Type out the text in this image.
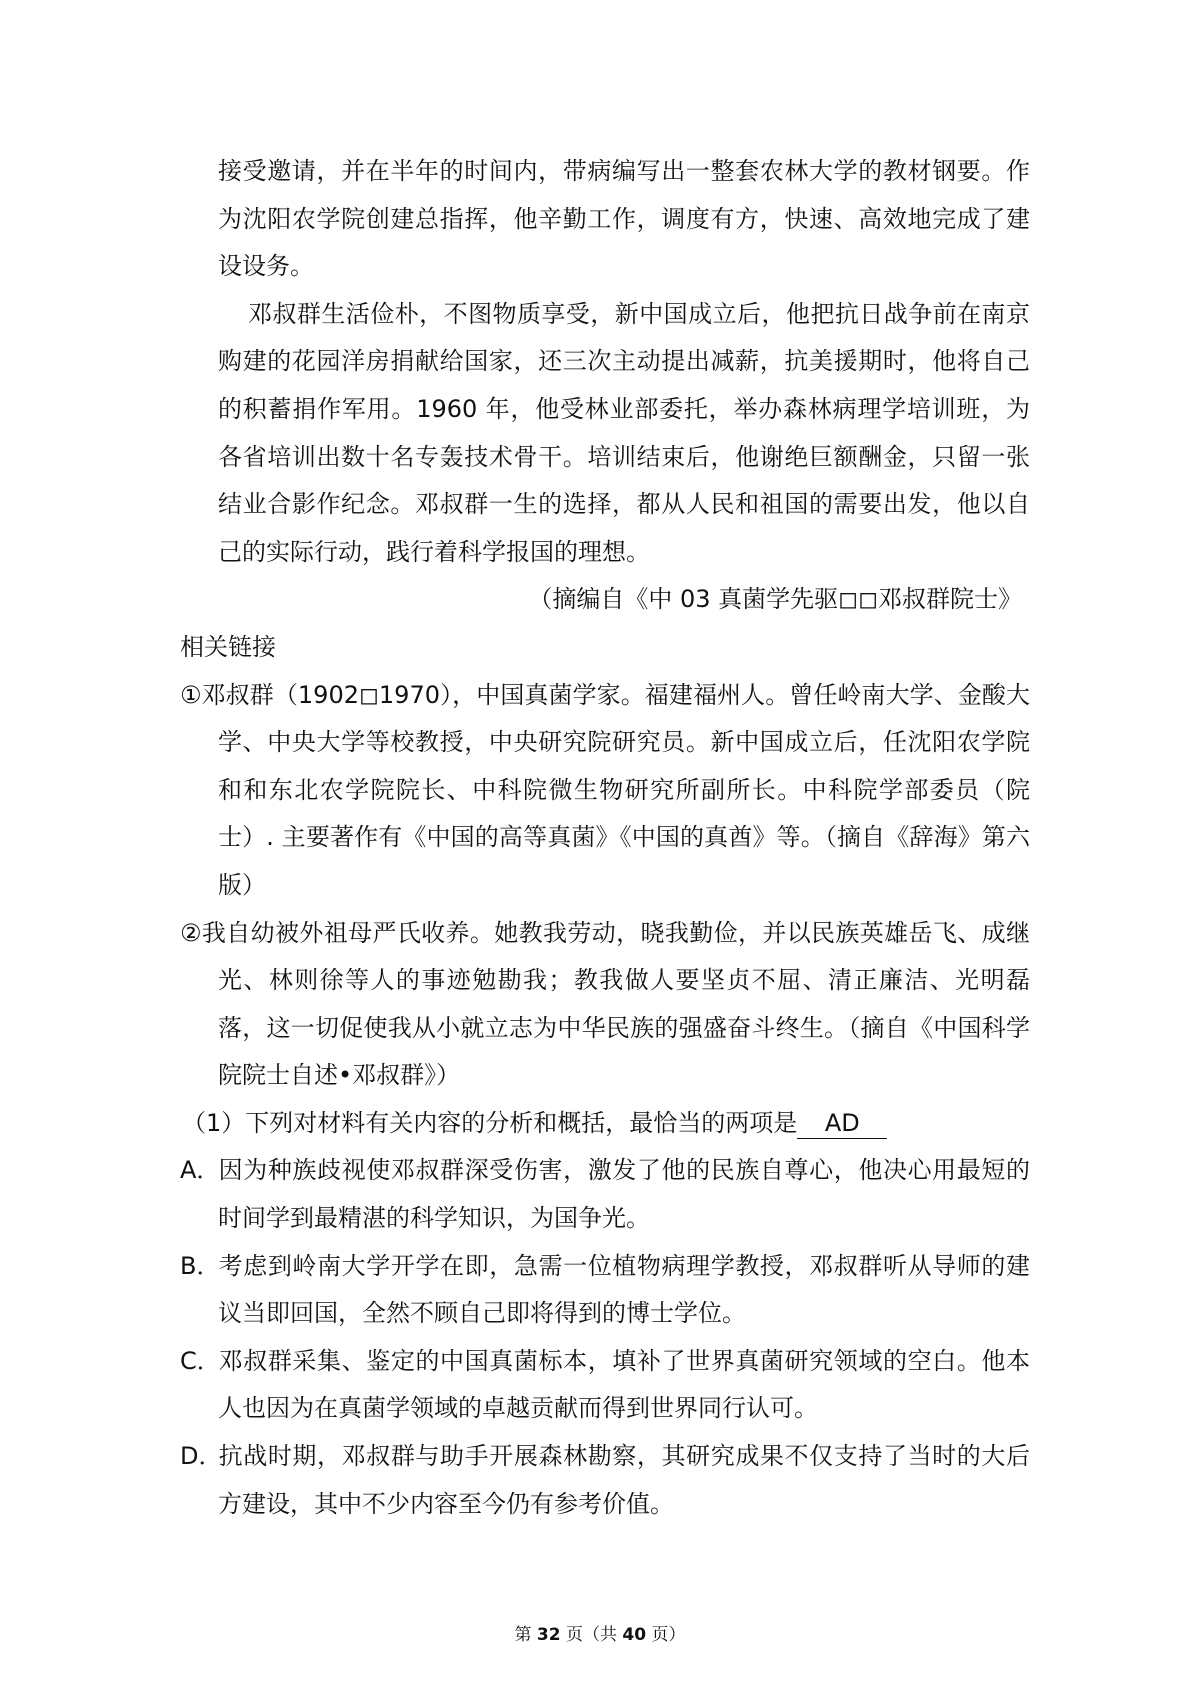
接受邀请，并在半年的时间内，带病编写出一整套农林大学的教材钢要。作为沈阳农学院创建总指挥，他辛勤工作，调度有方，快速、高效地完成了建设设务。

邓叔群生活俭朴，不图物质享受，新中国成立后，他把抗日战争前在南京购建的花园洋房捐献给国家，还三次主动提出减薪，抗美援期时，他将自己的积蓄捐作军用。1960 年，他受林业部委托，举办森林病理学培训班，为各省培训出数十名专轰技术骨干。培训结束后，他谢绝巨额酬金，只留一张结业合影作纪念。邓叔群一生的选择，都从人民和祖国的需要出发，他以自己的实际行动，践行着科学报国的理想。

（摘编自《中 03 真菌学先驱◻◻邓叔群院士》

相关链接

①邓叔群（1902◻1970），中国真菌学家。福建福州人。曾任岭南大学、金酸大学、中央大学等校教授，中央研究院研究员。新中国成立后，任沈阳农学院和和东北农学院院长、中科院微生物研究所副所长。中科院学部委员（院士）. 主要著作有《中国的高等真菌》《中国的真酋》等。（摘自《辞海》第六版）

②我自幼被外祖母严氏收养。她教我劳动，晓我勤俭，并以民族英雄岳飞、成继光、林则徐等人的事迹勉勘我；教我做人要坚贞不屈、清正廉洁、光明磊落，这一切促使我从小就立志为中华民族的强盛奋斗终生。（摘自《中国科学院院士自述•邓叔群》）

（1）下列对材料有关内容的分析和概括，最恰当的两项是 AD

A．因为种族歧视使邓叔群深受伤害，激发了他的民族自尊心，他决心用最短的时间学到最精湛的科学知识，为国争光。

B．考虑到岭南大学开学在即，急需一位植物病理学教授，邓叔群听从导师的建议当即回国，全然不顾自己即将得到的博士学位。

C．邓叔群采集、鉴定的中国真菌标本，填补了世界真菌研究领域的空白。他本人也因为在真菌学领域的卓越贡献而得到世界同行认可。

D．抗战时期，邓叔群与助手开展森林勘察，其研究成果不仅支持了当时的大后方建设，其中不少内容至今仍有参考价值。

第 32 页（共 40 页）
